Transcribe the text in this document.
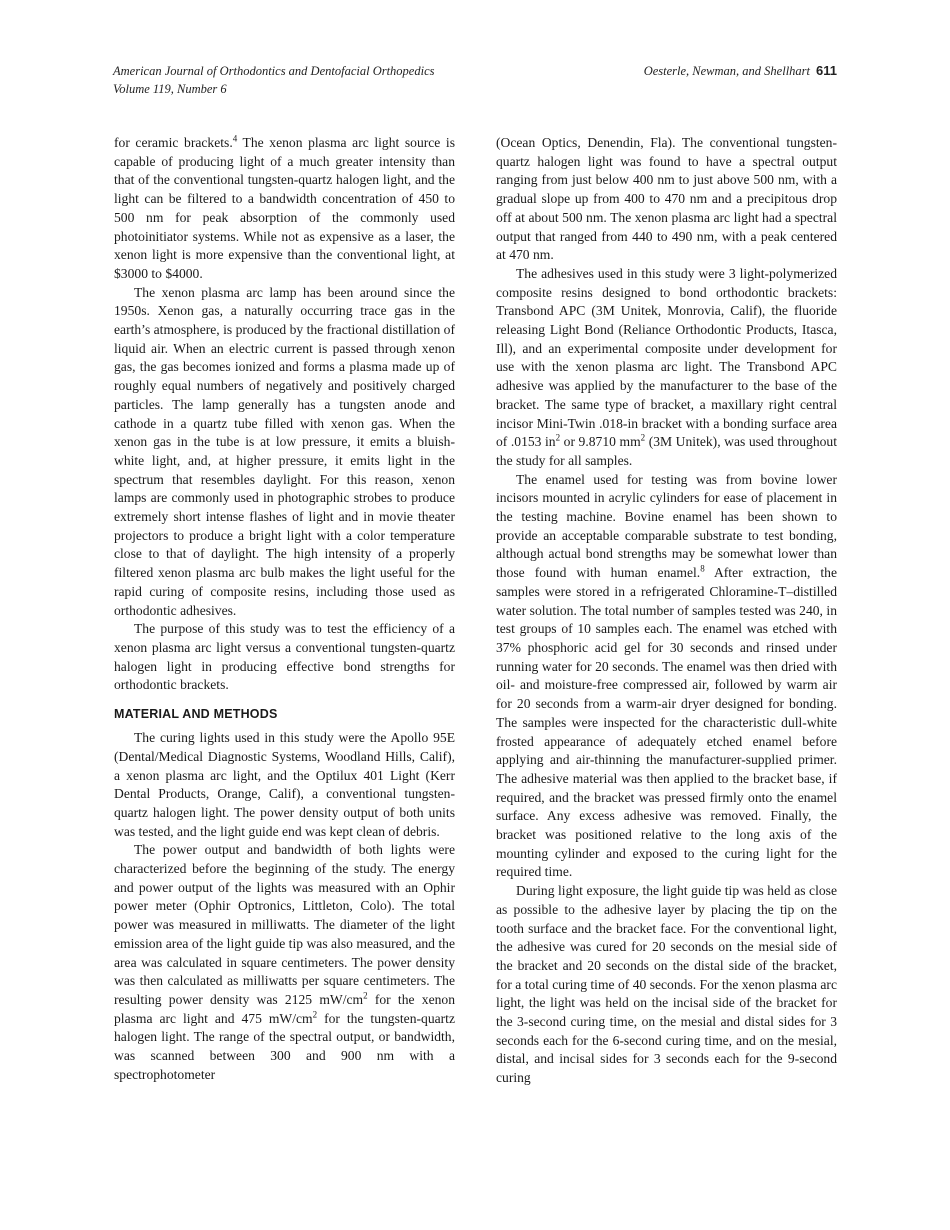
American Journal of Orthodontics and Dentofacial Orthopedics
Volume 119, Number 6
Oesterle, Newman, and Shellhart 611

for ceramic brackets.$^4$ The xenon plasma arc light source is capable of producing light of a much greater intensity than that of the conventional tungsten-quartz halogen light, and the light can be filtered to a bandwidth concentration of 450 to 500 nm for peak absorption of the commonly used photoinitiator systems. While not as expensive as a laser, the xenon light is more expensive than the conventional light, at $3000 to $4000.

The xenon plasma arc lamp has been around since the 1950s. Xenon gas, a naturally occurring trace gas in the earth’s atmosphere, is produced by the fractional distillation of liquid air. When an electric current is passed through xenon gas, the gas becomes ionized and forms a plasma made up of roughly equal numbers of negatively and positively charged particles. The lamp generally has a tungsten anode and cathode in a quartz tube filled with xenon gas. When the xenon gas in the tube is at low pressure, it emits a bluish-white light, and, at higher pressure, it emits light in the spectrum that resembles daylight. For this reason, xenon lamps are commonly used in photographic strobes to produce extremely short intense flashes of light and in movie theater projectors to produce a bright light with a color temperature close to that of daylight. The high intensity of a properly filtered xenon plasma arc bulb makes the light useful for the rapid curing of composite resins, including those used as orthodontic adhesives.

The purpose of this study was to test the efficiency of a xenon plasma arc light versus a conventional tungsten-quartz halogen light in producing effective bond strengths for orthodontic brackets.

MATERIAL AND METHODS

The curing lights used in this study were the Apollo 95E (Dental/Medical Diagnostic Systems, Woodland Hills, Calif), a xenon plasma arc light, and the Optilux 401 Light (Kerr Dental Products, Orange, Calif), a conventional tungsten-quartz halogen light. The power density output of both units was tested, and the light guide end was kept clean of debris.

The power output and bandwidth of both lights were characterized before the beginning of the study. The energy and power output of the lights was measured with an Ophir power meter (Ophir Optronics, Littleton, Colo). The total power was measured in milliwatts. The diameter of the light emission area of the light guide tip was also measured, and the area was calculated in square centimeters. The power density was then calculated as milliwatts per square centimeters. The resulting power density was 2125 $mW/cm^2$ for the xenon plasma arc light and 475 $mW/cm^2$ for the tungsten-quartz halogen light. The range of the spectral output, or bandwidth, was scanned between 300 and 900 nm with a spectrophotometer

(Ocean Optics, Denendin, Fla). The conventional tungsten-quartz halogen light was found to have a spectral output ranging from just below 400 nm to just above 500 nm, with a gradual slope up from 400 to 470 nm and a precipitous drop off at about 500 nm. The xenon plasma arc light had a spectral output that ranged from 440 to 490 nm, with a peak centered at 470 nm.

The adhesives used in this study were 3 light-polymerized composite resins designed to bond orthodontic brackets: Transbond APC (3M Unitek, Monrovia, Calif), the fluoride releasing Light Bond (Reliance Orthodontic Products, Itasca, Ill), and an experimental composite under development for use with the xenon plasma arc light. The Transbond APC adhesive was applied by the manufacturer to the base of the bracket. The same type of bracket, a maxillary right central incisor Mini-Twin .018-in bracket with a bonding surface area of .0153 $in^2$ or 9.8710 $mm^2$ (3M Unitek), was used throughout the study for all samples.

The enamel used for testing was from bovine lower incisors mounted in acrylic cylinders for ease of placement in the testing machine. Bovine enamel has been shown to provide an acceptable comparable substrate to test bonding, although actual bond strengths may be somewhat lower than those found with human enamel.$^8$ After extraction, the samples were stored in a refrigerated Chloramine-T–distilled water solution. The total number of samples tested was 240, in test groups of 10 samples each. The enamel was etched with 37% phosphoric acid gel for 30 seconds and rinsed under running water for 20 seconds. The enamel was then dried with oil- and moisture-free compressed air, followed by warm air for 20 seconds from a warm-air dryer designed for bonding. The samples were inspected for the characteristic dull-white frosted appearance of adequately etched enamel before applying and air-thinning the manufacturer-supplied primer. The adhesive material was then applied to the bracket base, if required, and the bracket was pressed firmly onto the enamel surface. Any excess adhesive was removed. Finally, the bracket was positioned relative to the long axis of the mounting cylinder and exposed to the curing light for the required time.

During light exposure, the light guide tip was held as close as possible to the adhesive layer by placing the tip on the tooth surface and the bracket face. For the conventional light, the adhesive was cured for 20 seconds on the mesial side of the bracket and 20 seconds on the distal side of the bracket, for a total curing time of 40 seconds. For the xenon plasma arc light, the light was held on the incisal side of the bracket for the 3-second curing time, on the mesial and distal sides for 3 seconds each for the 6-second curing time, and on the mesial, distal, and incisal sides for 3 seconds each for the 9-second curing
